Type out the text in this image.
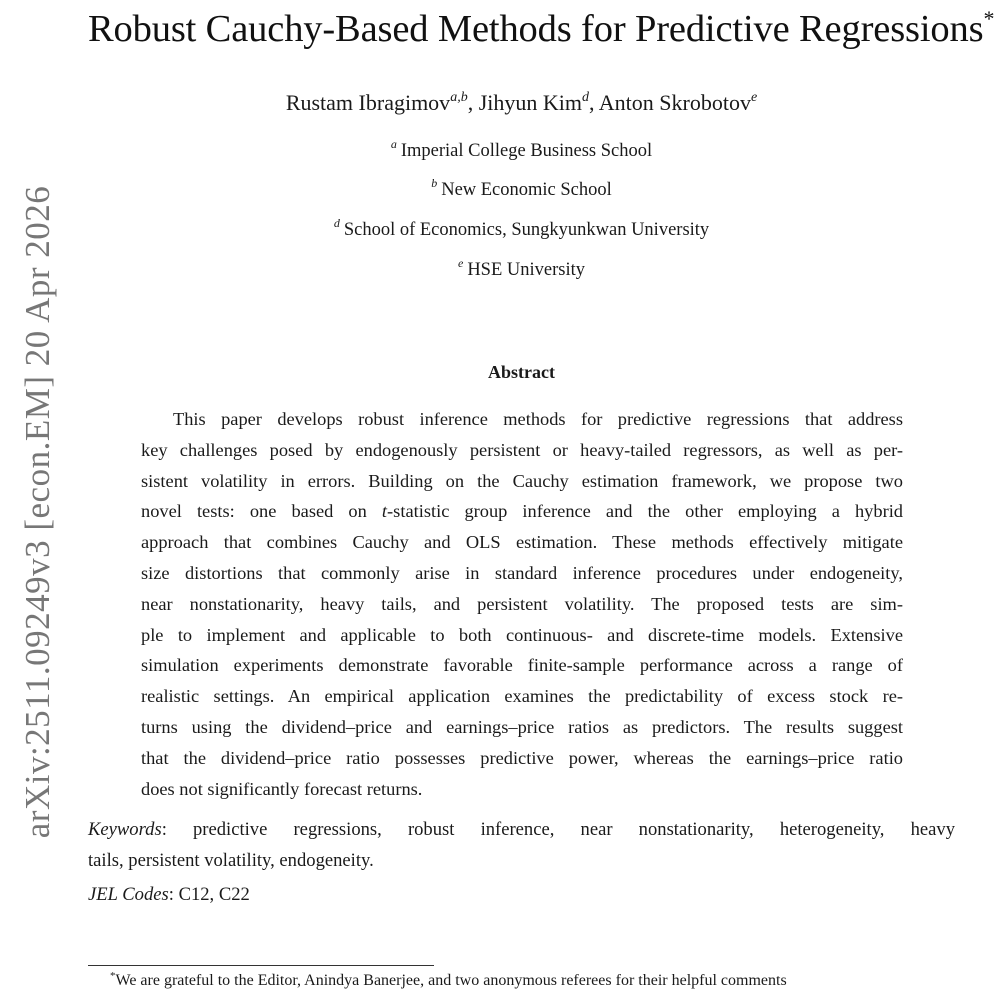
arXiv:2511.09249v3 [econ.EM] 20 Apr 2026
Robust Cauchy-Based Methods for Predictive Regressions*
Rustam Ibragimov$^{a,b}$, Jihyun Kim$^d$, Anton Skrobotov$^e$
$^a$ Imperial College Business School
$^b$ New Economic School
$^d$ School of Economics, Sungkyunkwan University
$^e$ HSE University
Abstract
This paper develops robust inference methods for predictive regressions that address
key challenges posed by endogenously persistent or heavy-tailed regressors, as well as per-
sistent volatility in errors. Building on the Cauchy estimation framework, we propose two
novel tests: one based on t-statistic group inference and the other employing a hybrid
approach that combines Cauchy and OLS estimation. These methods effectively mitigate
size distortions that commonly arise in standard inference procedures under endogeneity,
near nonstationarity, heavy tails, and persistent volatility. The proposed tests are sim-
ple to implement and applicable to both continuous- and discrete-time models. Extensive
simulation experiments demonstrate favorable finite-sample performance across a range of
realistic settings. An empirical application examines the predictability of excess stock re-
turns using the dividend–price and earnings–price ratios as predictors. The results suggest
that the dividend–price ratio possesses predictive power, whereas the earnings–price ratio
does not significantly forecast returns.
Keywords: predictive regressions, robust inference, near nonstationarity, heterogeneity, heavy
tails, persistent volatility, endogeneity.
JEL Codes: C12, C22
*We are grateful to the Editor, Anindya Banerjee, and two anonymous referees for their helpful comments
